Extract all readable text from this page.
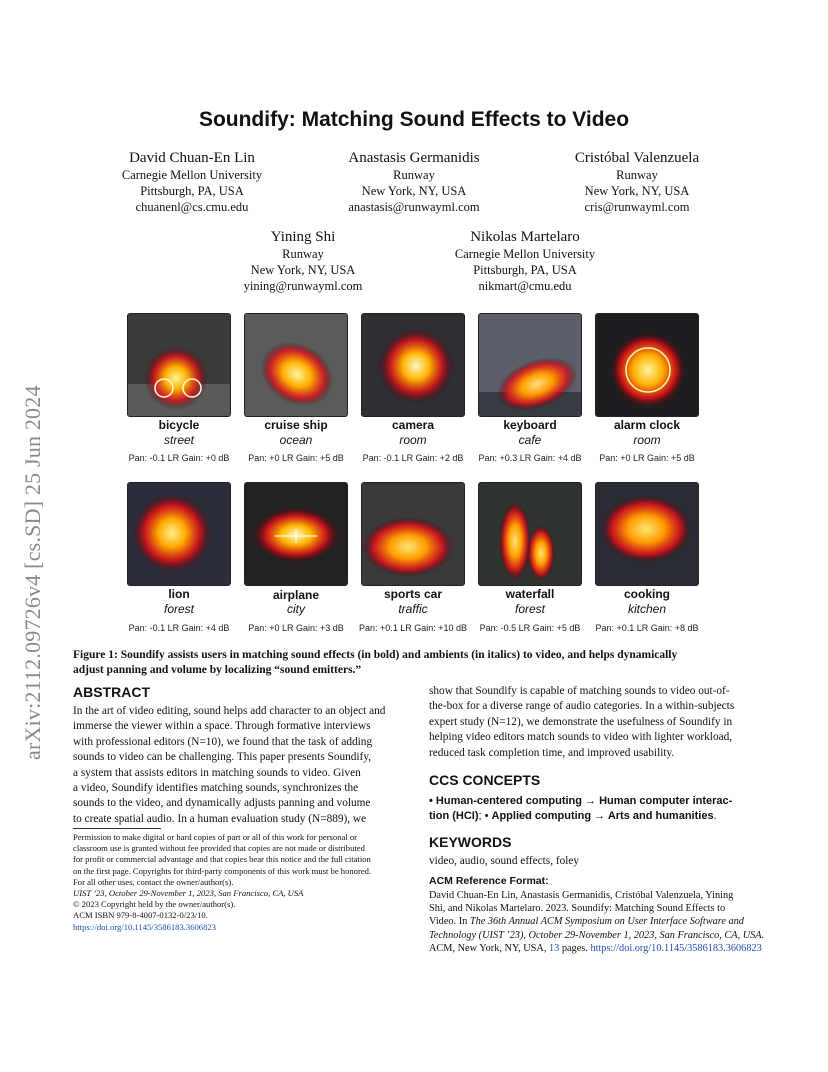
arXiv:2112.09726v4 [cs.SD] 25 Jun 2024
Soundify: Matching Sound Effects to Video
David Chuan-En Lin
Carnegie Mellon University
Pittsburgh, PA, USA
chuanenl@cs.cmu.edu
Anastasis Germanidis
Runway
New York, NY, USA
anastasis@runwayml.com
Cristóbal Valenzuela
Runway
New York, NY, USA
cris@runwayml.com
Yining Shi
Runway
New York, NY, USA
yining@runwayml.com
Nikolas Martelaro
Carnegie Mellon University
Pittsburgh, PA, USA
nikmart@cmu.edu
bicycle
street
Pan: -0.1 LR Gain: +0 dB
cruise ship
ocean
Pan: +0 LR Gain: +5 dB
camera
room
Pan: -0.1 LR Gain: +2 dB
keyboard
cafe
Pan: +0.3 LR Gain: +4 dB
alarm clock
room
Pan: +0 LR Gain: +5 dB
lion
forest
Pan: -0.1 LR Gain: +4 dB
airplane
city
Pan: +0 LR Gain: +3 dB
sports car
traffic
Pan: +0.1 LR Gain: +10 dB
waterfall
forest
Pan: -0.5 LR Gain: +5 dB
cooking
kitchen
Pan: +0.1 LR Gain: +8 dB
Figure 1: Soundify assists users in matching sound effects (in bold) and ambients (in italics) to video, and helps dynamically
adjust panning and volume by localizing “sound emitters.”
ABSTRACT
In the art of video editing, sound helps add character to an object and
immerse the viewer within a space. Through formative interviews
with professional editors (N=10), we found that the task of adding
sounds to video can be challenging. This paper presents Soundify,
a system that assists editors in matching sounds to video. Given
a video, Soundify identifies matching sounds, synchronizes the
sounds to the video, and dynamically adjusts panning and volume
to create spatial audio. In a human evaluation study (N=889), we
show that Soundify is capable of matching sounds to video out-of-
the-box for a diverse range of audio categories. In a within-subjects
expert study (N=12), we demonstrate the usefulness of Soundify in
helping video editors match sounds to video with lighter workload,
reduced task completion time, and improved usability.
Permission to make digital or hard copies of part or all of this work for personal or
classroom use is granted without fee provided that copies are not made or distributed
for profit or commercial advantage and that copies bear this notice and the full citation
on the first page. Copyrights for third-party components of this work must be honored.
For all other uses, contact the owner/author(s).
UIST ’23, October 29-November 1, 2023, San Francisco, CA, USA
© 2023 Copyright held by the owner/author(s).
ACM ISBN 979-8-4007-0132-0/23/10.
https://doi.org/10.1145/3586183.3606823
CCS CONCEPTS
• Human-centered computing → Human computer interac-
tion (HCI); • Applied computing → Arts and humanities.
KEYWORDS
video, audio, sound effects, foley
ACM Reference Format:
David Chuan-En Lin, Anastasis Germanidis, Cristóbal Valenzuela, Yining
Shi, and Nikolas Martelaro. 2023. Soundify: Matching Sound Effects to
Video. In The 36th Annual ACM Symposium on User Interface Software and
Technology (UIST ’23), October 29-November 1, 2023, San Francisco, CA, USA.
ACM, New York, NY, USA, 13 pages. https://doi.org/10.1145/3586183.3606823
